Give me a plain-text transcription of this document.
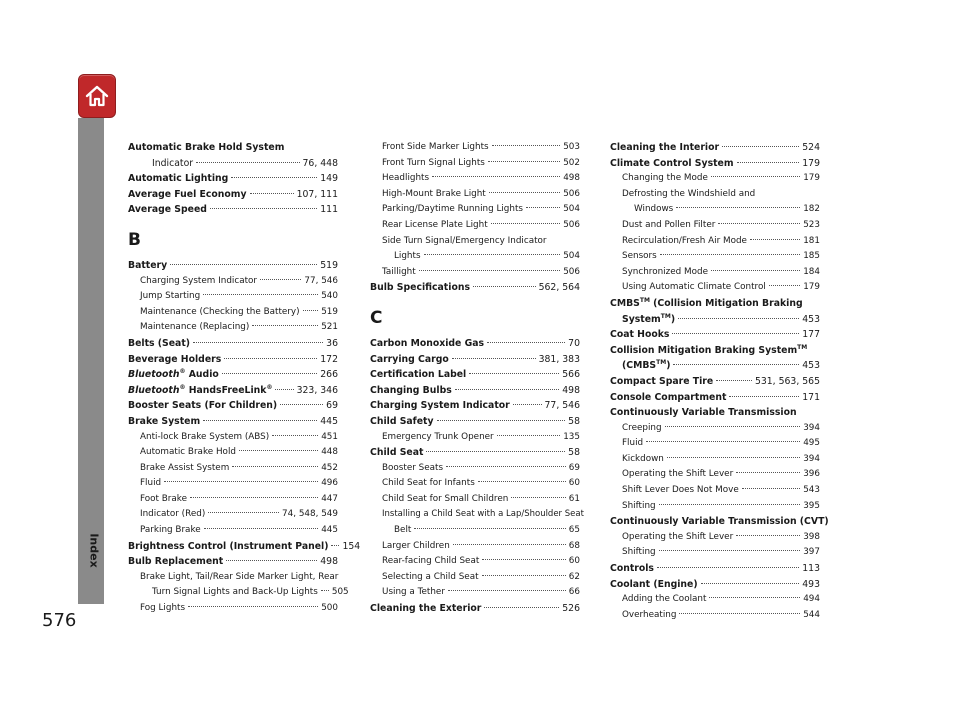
Index
576
Automatic Brake Hold System
Indicator	76, 448
Automatic Lighting	149
Average Fuel Economy	107, 111
Average Speed	111
B
Battery	519
Charging System Indicator	77, 546
Jump Starting	540
Maintenance (Checking the Battery) 519
Maintenance (Replacing)	521
Belts (Seat)	36
Beverage Holders	172
Bluetooth® Audio	266
Bluetooth® HandsFreeLink®	323, 346
Booster Seats (For Children)	69
Brake System	445
Anti-lock Brake System (ABS)	451
Automatic Brake Hold	448
Brake Assist System	452
Fluid	496
Foot Brake	447
Indicator (Red)	74, 548, 549
Parking Brake	445
Brightness Control (Instrument Panel) 154
Bulb Replacement	498
Brake Light, Tail/Rear Side Marker Light, Rear
Turn Signal Lights and Back-Up Lights 505
Fog Lights	500
Front Side Marker Lights	503
Front Turn Signal Lights	502
Headlights	498
High-Mount Brake Light	506
Parking/Daytime Running Lights	504
Rear License Plate Light	506
Side Turn Signal/Emergency Indicator
Lights	504
Taillight	506
Bulb Specifications	562, 564
C
Carbon Monoxide Gas	70
Carrying Cargo	381, 383
Certification Label	566
Changing Bulbs	498
Charging System Indicator	77, 546
Child Safety	58
Emergency Trunk Opener	135
Child Seat	58
Booster Seats	69
Child Seat for Infants	60
Child Seat for Small Children	61
Installing a Child Seat with a Lap/Shoulder Seat
Belt	65
Larger Children	68
Rear-facing Child Seat	60
Selecting a Child Seat	62
Using a Tether	66
Cleaning the Exterior	526
Cleaning the Interior	524
Climate Control System	179
Changing the Mode	179
Defrosting the Windshield and
Windows	182
Dust and Pollen Filter	523
Recirculation/Fresh Air Mode	181
Sensors	185
Synchronized Mode	184
Using Automatic Climate Control	179
CMBS™ (Collision Mitigation Braking
System™)	453
Coat Hooks	177
Collision Mitigation Braking System™
(CMBS™)	453
Compact Spare Tire	531, 563, 565
Console Compartment	171
Continuously Variable Transmission
Creeping	394
Fluid	495
Kickdown	394
Operating the Shift Lever	396
Shift Lever Does Not Move	543
Shifting	395
Continuously Variable Transmission (CVT)
Operating the Shift Lever	398
Shifting	397
Controls	113
Coolant (Engine)	493
Adding the Coolant	494
Overheating	544
